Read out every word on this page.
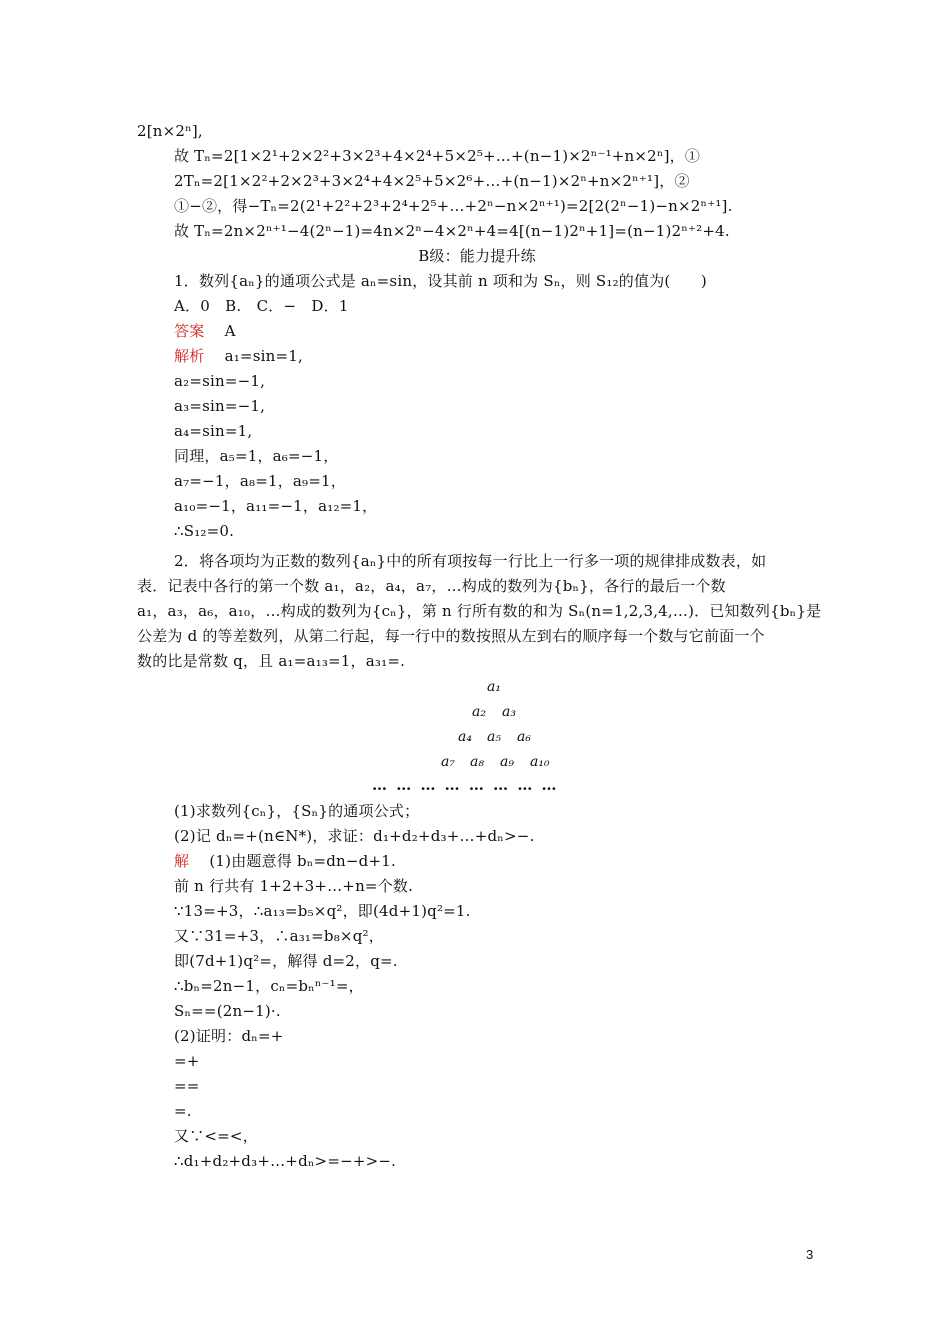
2[n×2ⁿ],
故 Tₙ=2[1×2¹+2×2²+3×2³+4×2⁴+5×2⁵+…+(n−1)×2ⁿ⁻¹+n×2ⁿ]，①
2Tₙ=2[1×2²+2×2³+3×2⁴+4×2⁵+5×2⁶+…+(n−1)×2ⁿ+n×2ⁿ⁺¹]，②
①−②，得−Tₙ=2(2¹+2²+2³+2⁴+2⁵+…+2ⁿ−n×2ⁿ⁺¹)=2[2(2ⁿ−1)−n×2ⁿ⁺¹].
故 Tₙ=2n×2ⁿ⁺¹−4(2ⁿ−1)=4n×2ⁿ−4×2ⁿ+4=4[(n−1)2ⁿ+1]=(n−1)2ⁿ⁺²+4.
B级：能力提升练
1．数列{aₙ}的通项公式是 aₙ=sin，设其前 n 项和为 Sₙ，则 S₁₂的值为(　　)
A．0　B.　C．−　D．1
答案　 A
解析　 a₁=sin=1,
a₂=sin=−1,
a₃=sin=−1,
a₄=sin=1,
同理，a₅=1，a₆=−1，
a₇=−1，a₈=1，a₉=1，
a₁₀=−1，a₁₁=−1，a₁₂=1，
∴S₁₂=0.
2．将各项均为正数的数列{aₙ}中的所有项按每一行比上一行多一项的规律排成数表，如
表．记表中各行的第一个数 a₁，a₂，a₄，a₇，…构成的数列为{bₙ}，各行的最后一个数
a₁，a₃，a₆，a₁₀，…构成的数列为{cₙ}，第 n 行所有数的和为 Sₙ(n=1,2,3,4,…)．已知数列{bₙ}是
公差为 d 的等差数列，从第二行起，每一行中的数按照从左到右的顺序每一个数与它前面一个
数的比是常数 q，且 a₁=a₁₃=1，a₃₁=.
a₁
a₂ a₃
a₄ a₅ a₆
a₇ a₈ a₉ a₁₀
… … … … … … … …
(1)求数列{cₙ}，{Sₙ}的通项公式；
(2)记 dₙ=+(n∈N*)，求证：d₁+d₂+d₃+…+dₙ>−.
解　 (1)由题意得 bₙ=dn−d+1.
前 n 行共有 1+2+3+…+n=个数.
∵13=+3，∴a₁₃=b₅×q²，即(4d+1)q²=1.
又∵31=+3，∴a₃₁=b₈×q²，
即(7d+1)q²=，解得 d=2，q=.
∴bₙ=2n−1，cₙ=bₙⁿ⁻¹=，
Sₙ==(2n−1)·.
(2)证明：dₙ=+
=+
==
=.
又∵<=<，
∴d₁+d₂+d₃+…+dₙ>=−+>−.
3
